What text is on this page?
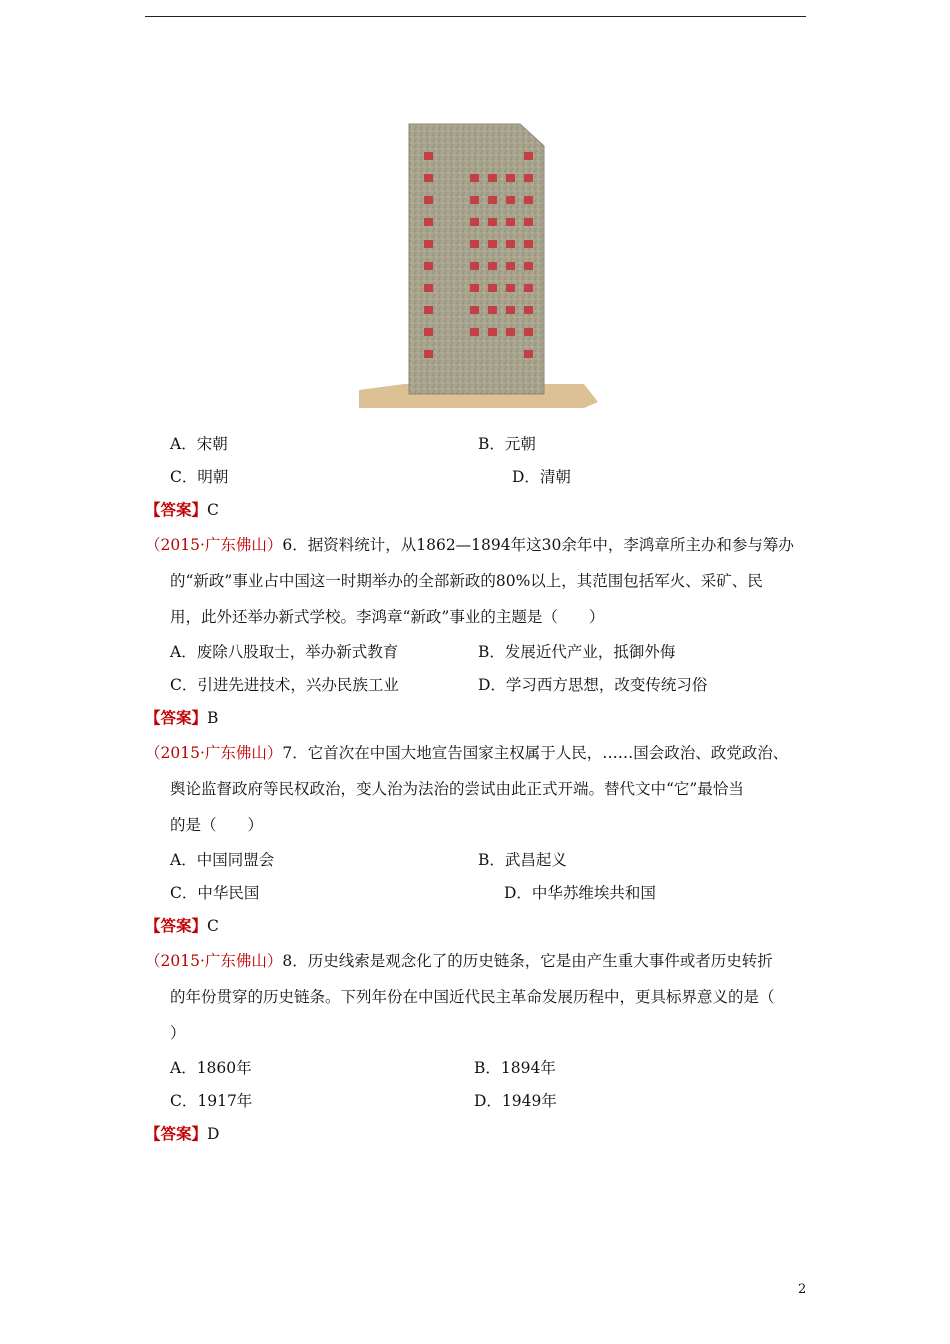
A．宋朝	B．元朝
C．明朝	D．清朝
【答案】C
（2015·广东佛山）6．据资料统计，从1862—1894年这30余年中，李鸿章所主办和参与筹办
的“新政”事业占中国这一时期举办的全部新政的80%以上，其范围包括军火、采矿、民
用，此外还举办新式学校。李鸿章“新政”事业的主题是（　　）
A．废除八股取士，举办新式教育	B．发展近代产业，抵御外侮
C．引进先进技术，兴办民族工业	D．学习西方思想，改变传统习俗
【答案】B
（2015·广东佛山）7．它首次在中国大地宣告国家主权属于人民，……国会政治、政党政治、
舆论监督政府等民权政治，变人治为法治的尝试由此正式开端。替代文中“它”最恰当
的是（　　）
A．中国同盟会	B．武昌起义
C．中华民国	D．中华苏维埃共和国
【答案】C
（2015·广东佛山）8．历史线索是观念化了的历史链条，它是由产生重大事件或者历史转折
的年份贯穿的历史链条。下列年份在中国近代民主革命发展历程中，更具标界意义的是（
）
A．1860年	B．1894年
C．1917年	D．1949年
【答案】D
2
